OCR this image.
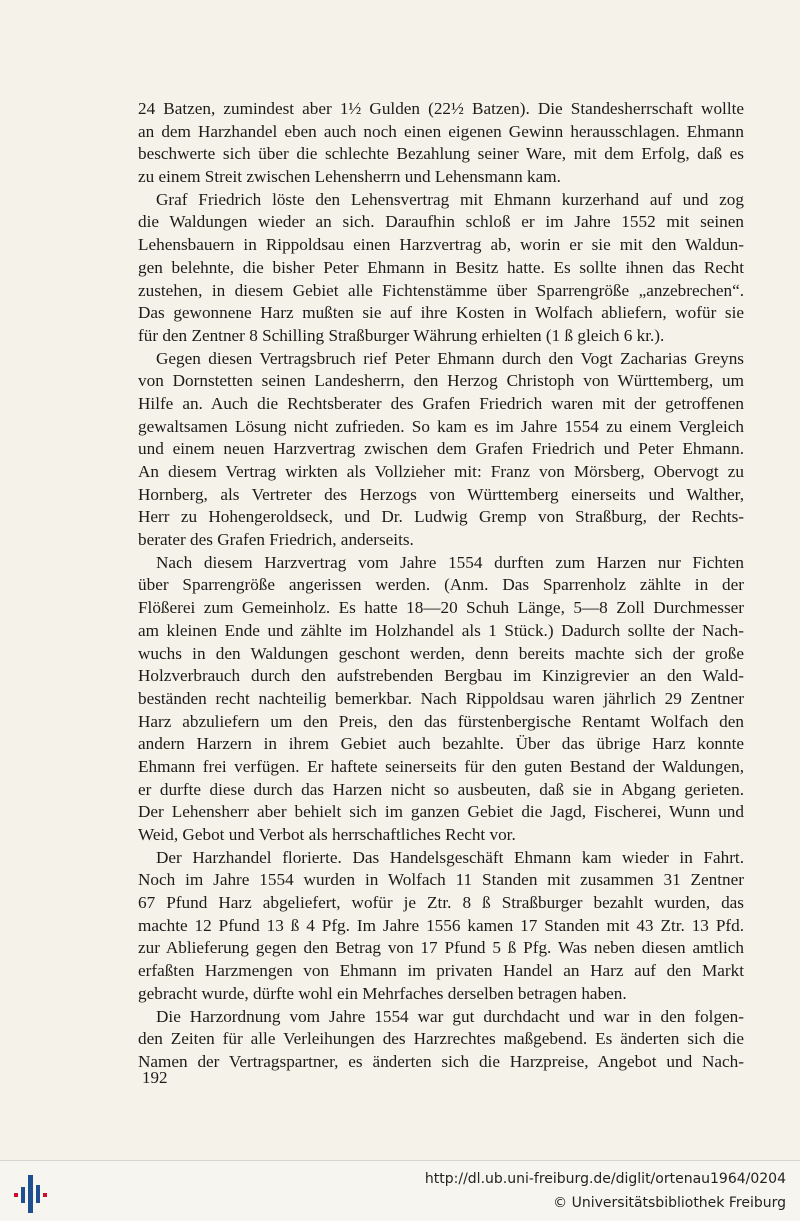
24 Batzen, zumindest aber 1½ Gulden (22½ Batzen). Die Standesherrschaft wollte
an dem Harzhandel eben auch noch einen eigenen Gewinn herausschlagen. Ehmann
beschwerte sich über die schlechte Bezahlung seiner Ware, mit dem Erfolg, daß es
zu einem Streit zwischen Lehensherrn und Lehensmann kam.
Graf Friedrich löste den Lehensvertrag mit Ehmann kurzerhand auf und zog
die Waldungen wieder an sich. Daraufhin schloß er im Jahre 1552 mit seinen
Lehensbauern in Rippoldsau einen Harzvertrag ab, worin er sie mit den Waldun-
gen belehnte, die bisher Peter Ehmann in Besitz hatte. Es sollte ihnen das Recht
zustehen, in diesem Gebiet alle Fichtenstämme über Sparrengröße „anzebrechen“.
Das gewonnene Harz mußten sie auf ihre Kosten in Wolfach abliefern, wofür sie
für den Zentner 8 Schilling Straßburger Währung erhielten (1 ß gleich 6 kr.).
Gegen diesen Vertragsbruch rief Peter Ehmann durch den Vogt Zacharias Greyns
von Dornstetten seinen Landesherrn, den Herzog Christoph von Württemberg, um
Hilfe an. Auch die Rechtsberater des Grafen Friedrich waren mit der getroffenen
gewaltsamen Lösung nicht zufrieden. So kam es im Jahre 1554 zu einem Vergleich
und einem neuen Harzvertrag zwischen dem Grafen Friedrich und Peter Ehmann.
An diesem Vertrag wirkten als Vollzieher mit: Franz von Mörsberg, Obervogt zu
Hornberg, als Vertreter des Herzogs von Württemberg einerseits und Walther,
Herr zu Hohengeroldseck, und Dr. Ludwig Gremp von Straßburg, der Rechts-
berater des Grafen Friedrich, anderseits.
Nach diesem Harzvertrag vom Jahre 1554 durften zum Harzen nur Fichten
über Sparrengröße angerissen werden. (Anm. Das Sparrenholz zählte in der
Flößerei zum Gemeinholz. Es hatte 18—20 Schuh Länge, 5—8 Zoll Durchmesser
am kleinen Ende und zählte im Holzhandel als 1 Stück.) Dadurch sollte der Nach-
wuchs in den Waldungen geschont werden, denn bereits machte sich der große
Holzverbrauch durch den aufstrebenden Bergbau im Kinzigrevier an den Wald-
beständen recht nachteilig bemerkbar. Nach Rippoldsau waren jährlich 29 Zentner
Harz abzuliefern um den Preis, den das fürstenbergische Rentamt Wolfach den
andern Harzern in ihrem Gebiet auch bezahlte. Über das übrige Harz konnte
Ehmann frei verfügen. Er haftete seinerseits für den guten Bestand der Waldungen,
er durfte diese durch das Harzen nicht so ausbeuten, daß sie in Abgang gerieten.
Der Lehensherr aber behielt sich im ganzen Gebiet die Jagd, Fischerei, Wunn und
Weid, Gebot und Verbot als herrschaftliches Recht vor.
Der Harzhandel florierte. Das Handelsgeschäft Ehmann kam wieder in Fahrt.
Noch im Jahre 1554 wurden in Wolfach 11 Standen mit zusammen 31 Zentner
67 Pfund Harz abgeliefert, wofür je Ztr. 8 ß Straßburger bezahlt wurden, das
machte 12 Pfund 13 ß 4 Pfg. Im Jahre 1556 kamen 17 Standen mit 43 Ztr. 13 Pfd.
zur Ablieferung gegen den Betrag von 17 Pfund 5 ß Pfg. Was neben diesen amtlich
erfaßten Harzmengen von Ehmann im privaten Handel an Harz auf den Markt
gebracht wurde, dürfte wohl ein Mehrfaches derselben betragen haben.
Die Harzordnung vom Jahre 1554 war gut durchdacht und war in den folgen-
den Zeiten für alle Verleihungen des Harzrechtes maßgebend. Es änderten sich die
Namen der Vertragspartner, es änderten sich die Harzpreise, Angebot und Nach-
192
http://dl.ub.uni-freiburg.de/diglit/ortenau1964/0204
© Universitätsbibliothek Freiburg
